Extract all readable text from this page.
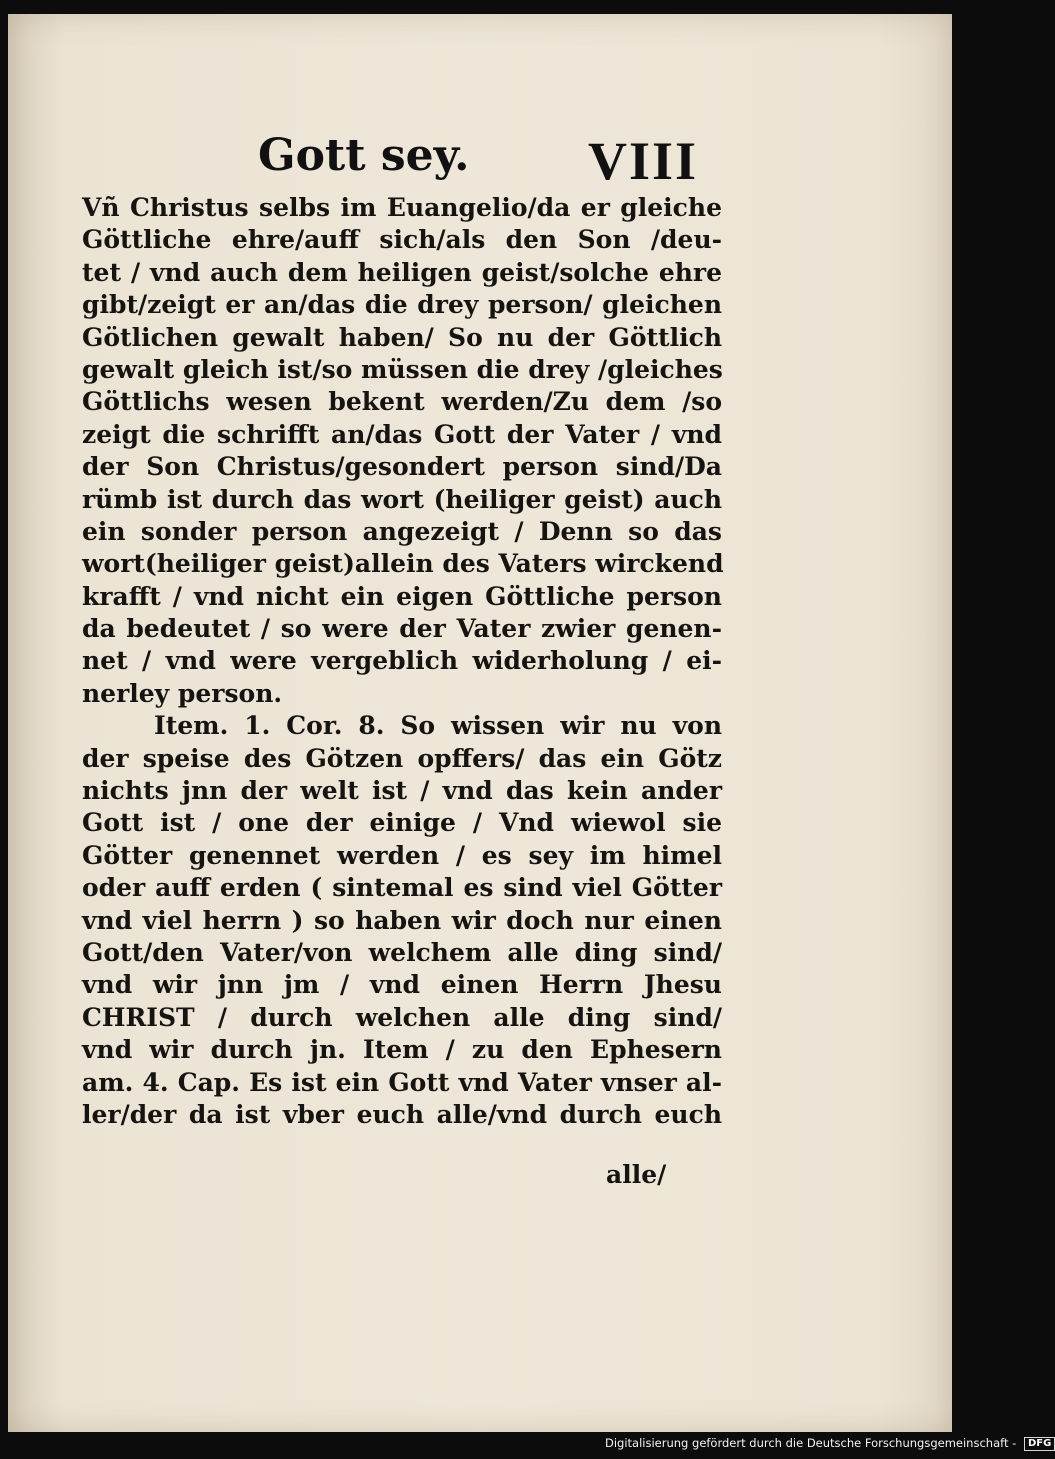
Gott sey. VIII
Vñ Christus selbs im Euangelio/da er gleiche
Göttliche ehre/auff sich/als den Son /deu-
tet / vnd auch dem heiligen geist/solche ehre
gibt/zeigt er an/das die drey person/ gleichen
Götlichen gewalt haben/ So nu der Göttlich
gewalt gleich ist/so müssen die drey /gleiches
Göttlichs wesen bekent werden/Zu dem /so
zeigt die schrifft an/das Gott der Vater / vnd
der Son Christus/gesondert person sind/Da
rümb ist durch das wort (heiliger geist) auch
ein sonder person angezeigt / Denn so das
wort(heiliger geist)allein des Vaters wirckend
krafft / vnd nicht ein eigen Göttliche person
da bedeutet / so were der Vater zwier genen-
net / vnd were vergeblich widerholung / ei-
nerley person.
Item. 1. Cor. 8. So wissen wir nu von
der speise des Götzen opffers/ das ein Götz
nichts jnn der welt ist / vnd das kein ander
Gott ist / one der einige / Vnd wiewol sie
Götter genennet werden / es sey im himel
oder auff erden ( sintemal es sind viel Götter
vnd viel herrn ) so haben wir doch nur einen
Gott/den Vater/von welchem alle ding sind/
vnd wir jnn jm / vnd einen Herrn Jhesu
CHRIST / durch welchen alle ding sind/
vnd wir durch jn. Item / zu den Ephesern
am. 4. Cap. Es ist ein Gott vnd Vater vnser al-
ler/der da ist vber euch alle/vnd durch euch
alle/
Digitalisierung gefördert durch die Deutsche Forschungsgemeinschaft - DFG
